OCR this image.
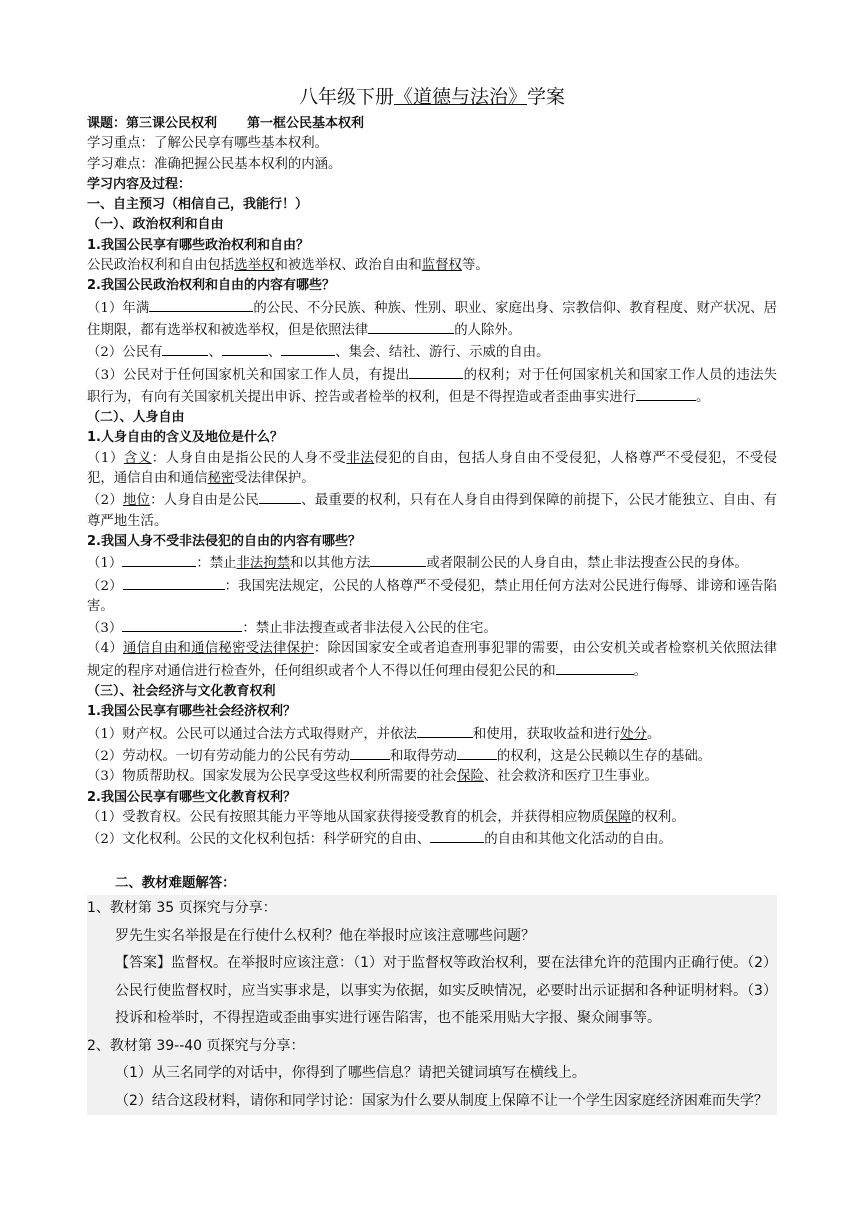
八年级下册《道德与法治》学案
课题：第三课公民权利 第一框公民基本权利
学习重点：了解公民享有哪些基本权利。
学习难点：准确把握公民基本权利的内涵。
学习内容及过程：
一、自主预习（相信自己，我能行！）
（一）、政治权利和自由
1.我国公民享有哪些政治权利和自由？
公民政治权利和自由包括选举权和被选举权、政治自由和监督权等。
2.我国公民政治权利和自由的内容有哪些？
（1）年满	的公民、不分民族、种族、性别、职业、家庭出身、宗教信仰、教育程度、财产状况、居住期限，都有选举权和被选举权，但是依照法律	的人除外。
（2）公民有	、	、	、集会、结社、游行、示威的自由。
（3）公民对于任何国家机关和国家工作人员，有提出	的权利；对于任何国家机关和国家工作人员的违法失职行为，有向有关国家机关提出申诉、控告或者检举的权利，但是不得捏造或者歪曲事实进行	。
（二）、人身自由
1.人身自由的含义及地位是什么？
（1）含义：人身自由是指公民的人身不受非法侵犯的自由，包括人身自由不受侵犯，人格尊严不受侵犯，不受侵犯，通信自由和通信秘密受法律保护。
（2）地位：人身自由是公民	、最重要的权利，只有在人身自由得到保障的前提下，公民才能独立、自由、有尊严地生活。
2.我国人身不受非法侵犯的自由的内容有哪些？
（1）	：禁止非法拘禁和以其他方法	或者限制公民的人身自由，禁止非法搜查公民的身体。
（2）	：我国宪法规定，公民的人格尊严不受侵犯，禁止用任何方法对公民进行侮辱、诽谤和诬告陷害。
（3）	：禁止非法搜查或者非法侵入公民的住宅。
（4）通信自由和通信秘密受法律保护：除因国家安全或者追查刑事犯罪的需要，由公安机关或者检察机关依照法律规定的程序对通信进行检查外，任何组织或者个人不得以任何理由侵犯公民的和	。
（三）、社会经济与文化教育权利
1.我国公民享有哪些社会经济权利？
（1）财产权。公民可以通过合法方式取得财产，并依法	和使用，获取收益和进行处分。
（2）劳动权。一切有劳动能力的公民有劳动	和取得劳动	的权利，这是公民赖以生存的基础。
（3）物质帮助权。国家发展为公民享受这些权利所需要的社会保险、社会救济和医疗卫生事业。
2.我国公民享有哪些文化教育权利？
（1）受教育权。公民有按照其能力平等地从国家获得接受教育的机会，并获得相应物质保障的权利。
（2）文化权利。公民的文化权利包括：科学研究的自由、	的自由和其他文化活动的自由。
二、教材难题解答：
1、教材第 35 页探究与分享：
罗先生实名举报是在行使什么权利？他在举报时应该注意哪些问题？
【答案】监督权。在举报时应该注意：（1）对于监督权等政治权利，要在法律允许的范围内正确行使。（2）公民行使监督权时，应当实事求是，以事实为依据，如实反映情况，必要时出示证据和各种证明材料。（3）投诉和检举时，不得捏造或歪曲事实进行诬告陷害，也不能采用贴大字报、聚众闹事等。
2、教材第 39--40 页探究与分享：
（1）从三名同学的对话中，你得到了哪些信息？请把关键词填写在横线上。
（2）结合这段材料，请你和同学讨论：国家为什么要从制度上保障不让一个学生因家庭经济困难而失学？
